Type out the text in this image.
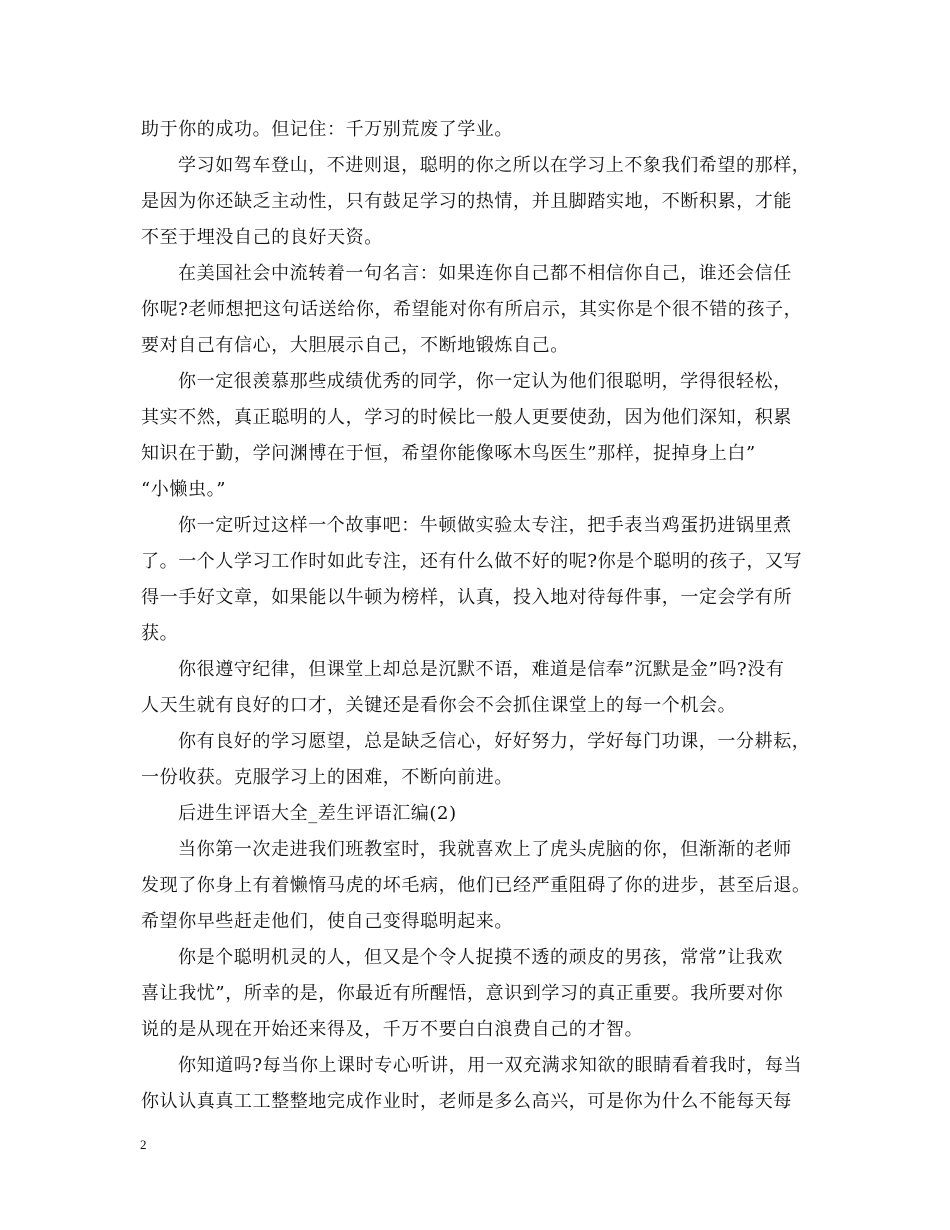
助于你的成功。但记住：千万别荒废了学业。
学习如驾车登山，不进则退，聪明的你之所以在学习上不象我们希望的那样，
是因为你还缺乏主动性，只有鼓足学习的热情，并且脚踏实地，不断积累，才能
不至于埋没自己的良好天资。
在美国社会中流转着一句名言：如果连你自己都不相信你自己，谁还会信任
你呢?老师想把这句话送给你，希望能对你有所启示，其实你是个很不错的孩子，
要对自己有信心，大胆展示自己，不断地锻炼自己。
你一定很羡慕那些成绩优秀的同学，你一定认为他们很聪明，学得很轻松，
其实不然，真正聪明的人，学习的时候比一般人更要使劲，因为他们深知，积累
知识在于勤，学问渊博在于恒，希望你能像啄木鸟医生”那样，捉掉身上白”
“小懒虫。”
你一定听过这样一个故事吧：牛顿做实验太专注，把手表当鸡蛋扔进锅里煮
了。一个人学习工作时如此专注，还有什么做不好的呢?你是个聪明的孩子，又写
得一手好文章，如果能以牛顿为榜样，认真，投入地对待每件事，一定会学有所
获。
你很遵守纪律，但课堂上却总是沉默不语，难道是信奉”沉默是金”吗?没有
人天生就有良好的口才，关键还是看你会不会抓住课堂上的每一个机会。
你有良好的学习愿望，总是缺乏信心，好好努力，学好每门功课，一分耕耘，
一份收获。克服学习上的困难，不断向前进。
后进生评语大全_差生评语汇编(2)
当你第一次走进我们班教室时，我就喜欢上了虎头虎脑的你，但渐渐的老师
发现了你身上有着懒惰马虎的坏毛病，他们已经严重阻碍了你的进步，甚至后退。
希望你早些赶走他们，使自己变得聪明起来。
你是个聪明机灵的人，但又是个令人捉摸不透的顽皮的男孩，常常”让我欢
喜让我忧”，所幸的是，你最近有所醒悟，意识到学习的真正重要。我所要对你
说的是从现在开始还来得及，千万不要白白浪费自己的才智。
你知道吗?每当你上课时专心听讲，用一双充满求知欲的眼睛看着我时，每当
你认认真真工工整整地完成作业时，老师是多么高兴，可是你为什么不能每天每
2
